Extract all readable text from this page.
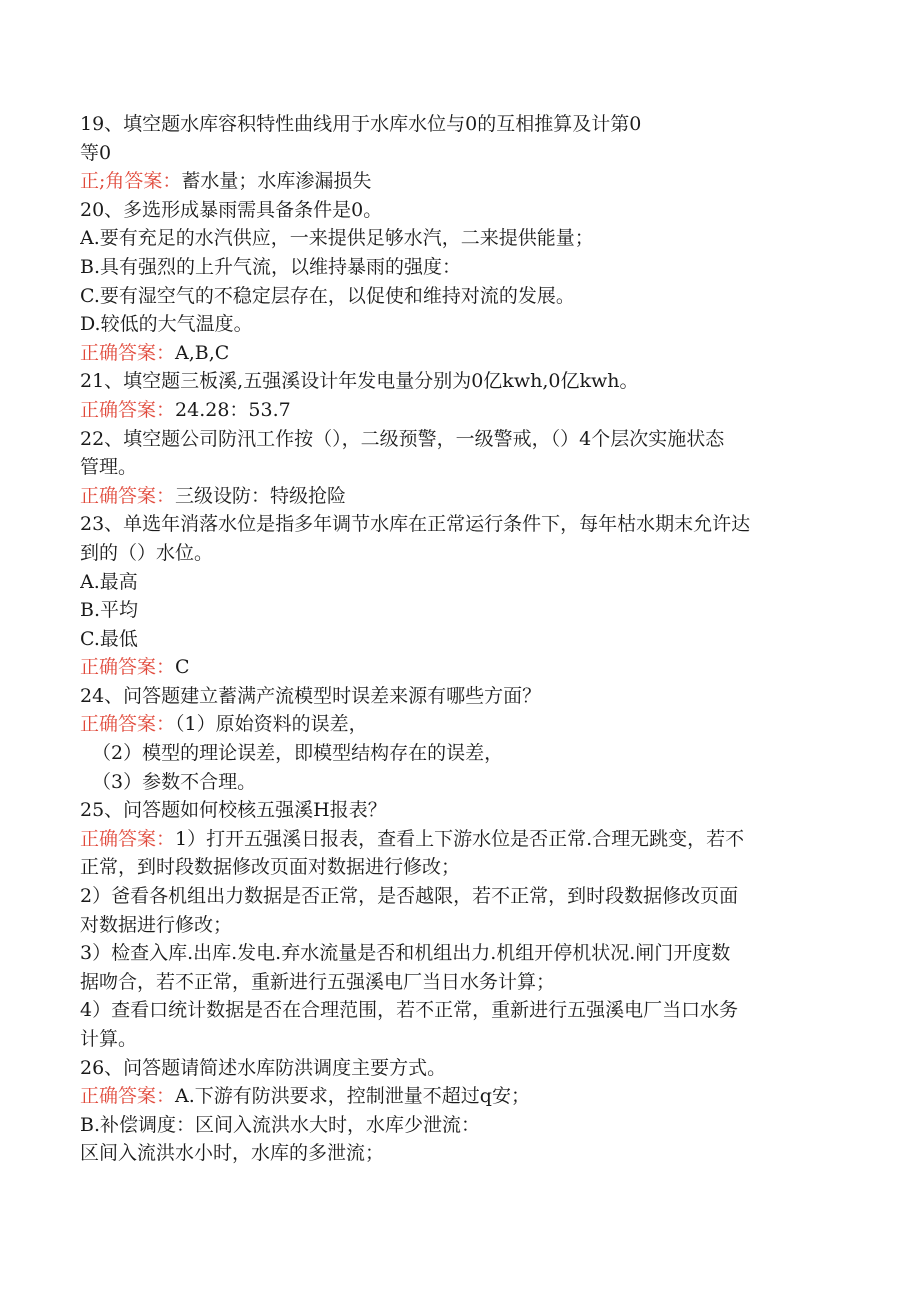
19、填空题水库容积特性曲线用于水库水位与0的互相推算及计第0
等0
正;角答案：蓄水量；水库渗漏损失
20、多选形成暴雨需具备条件是0。
A.要有充足的水汽供应，一来提供足够水汽，二来提供能量；
B.具有强烈的上升气流，以维持暴雨的强度：
C.要有湿空气的不稳定层存在，以促使和维持对流的发展。
D.较低的大气温度。
正确答案：A,B,C
21、填空题三板溪,五强溪设计年发电量分别为0亿kwh,0亿kwh。
正确答案：24.28：53.7
22、填空题公司防汛工作按（），二级预警，一级警戒，（）4个层次实施状态
管理。
正确答案：三级设防：特级抢险
23、单选年消落水位是指多年调节水库在正常运行条件下，每年枯水期末允许达
到的（）水位。
A.最高
B.平均
C.最低
正确答案：C
24、问答题建立蓄满产流模型时误差来源有哪些方面？
正确答案：（1）原始资料的误差，
（2）模型的理论误差，即模型结构存在的误差，
（3）参数不合理。
25、问答题如何校核五强溪H报表？
正确答案：1）打开五强溪日报表，查看上下游水位是否正常.合理无跳变，若不
正常，到时段数据修改页面对数据进行修改；
2）爸看各机组出力数据是否正常，是否越限，若不正常，到时段数据修改页面
对数据进行修改；
3）检查入库.出库.发电.弃水流量是否和机组出力.机组开停机状况.闸门开度数
据吻合，若不正常，重新进行五强溪电厂当日水务计算；
4）查看口统计数据是否在合理范围，若不正常，重新进行五强溪电厂当口水务
计算。
26、问答题请简述水库防洪调度主要方式。
正确答案：A.下游有防洪要求，控制泄量不超过q安；
B.补偿调度：区间入流洪水大时，水库少泄流：
区间入流洪水小时，水库的多泄流；
